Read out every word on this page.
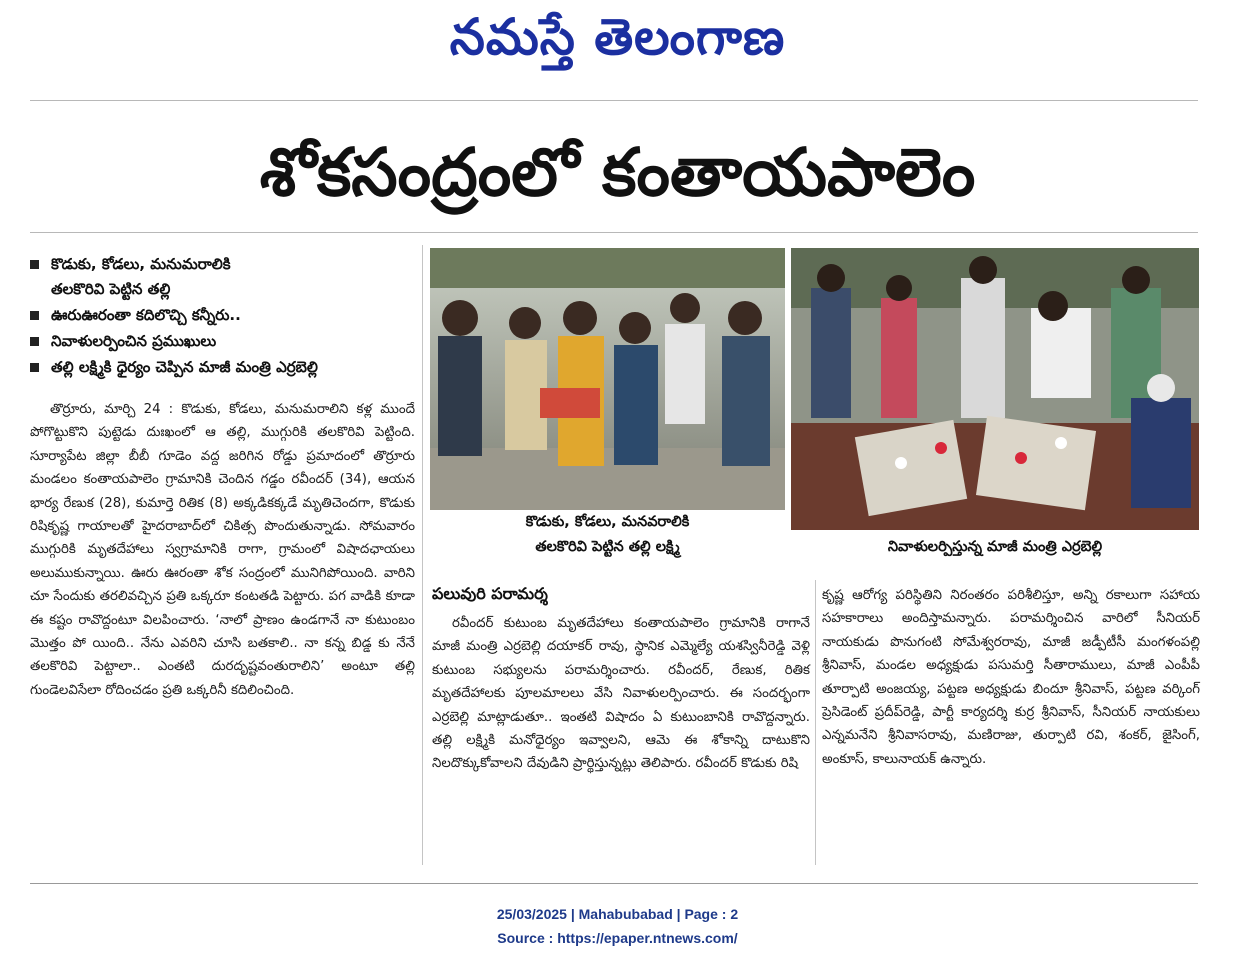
నమస్తే తెలంగాణ
శోకసంద్రంలో కంతాయపాలెం
కొడుకు, కోడలు, మనుమరాలికి
తలకొరివి పెట్టిన తల్లి
ఊరుఊరంతా కదిలొచ్చి కన్నీరు..
నివాళులర్పించిన ప్రముఖులు
తల్లి లక్ష్మికి ధైర్యం చెప్పిన మాజీ మంత్రి ఎర్రబెల్లి

తొర్రూరు, మార్చి 24 : కొడుకు, కోడలు, మనుమరాలిని కళ్ల ముందే పోగొట్టుకొని పుట్టెడు దుఃఖంలో ఆ తల్లి, ముగ్గురికి తలకొరివి పెట్టింది. సూర్యాపేట జిల్లా బీబీ గూడెం వద్ద జరిగిన రోడ్డు ప్రమాదంలో తొర్రూరు మండలం కంతాయపాలెం గ్రామానికి చెందిన గడ్డం రవీందర్ (34), ఆయన భార్య రేణుక (28), కుమార్తె రితిక (8) అక్కడికక్కడే మృతిచెందగా, కొడుకు రిషికృష్ణ గాయాలతో హైదరాబాద్‌లో చికిత్స పొందుతున్నాడు. సోమవారం ముగ్గురికి మృతదేహాలు స్వగ్రామానికి రాగా, గ్రామంలో విషాదఛాయలు అలుముకున్నాయి. ఊరు ఊరంతా శోక సంద్రంలో మునిగిపోయింది. వారిని చూ సేందుకు తరలివచ్చిన ప్రతి ఒక్కరూ కంటతడి పెట్టారు. పగ వాడికి కూడా ఈ కష్టం రావొద్దంటూ విలపించారు. ‘నాలో ప్రాణం ఉండగానే నా కుటుంబం మొత్తం పో యింది.. నేను ఎవరిని చూసి బతకాలి.. నా కన్న బిడ్డ కు నేనే తలకొరివి పెట్టాలా.. ఎంతటి దురదృష్టవంతురాలిని’ అంటూ తల్లి గుండెలవిసేలా రోదించడం ప్రతి ఒక్కరినీ కదిలించింది.

కొడుకు, కోడలు, మనవరాలికి
తలకొరివి పెట్టిన తల్లి లక్ష్మి	నివాళులర్పిస్తున్న మాజీ మంత్రి ఎర్రబెల్లి
పలువురి పరామర్శ

రవీందర్ కుటుంబ మృతదేహాలు కంతాయపాలెం గ్రామానికి రాగానే మాజీ మంత్రి ఎర్రబెల్లి దయాకర్ రావు, స్థానిక ఎమ్మెల్యే యశస్వినీరెడ్డి వెళ్లి కుటుంబ సభ్యులను పరామర్శించారు. రవీందర్, రేణుక, రితిక మృతదేహాలకు పూలమాలలు వేసి నివాళులర్పించారు. ఈ సందర్భంగా ఎర్రబెల్లి మాట్లాడుతూ.. ఇంతటి విషాదం ఏ కుటుంబానికి రావొద్దన్నారు. తల్లి లక్ష్మికి మనోధైర్యం ఇవ్వాలని, ఆమె ఈ శోకాన్ని దాటుకొని నిలదొక్కుకోవాలని దేవుడిని ప్రార్థిస్తున్నట్లు తెలిపారు. రవీందర్ కొడుకు రిషి

కృష్ణ ఆరోగ్య పరిస్థితిని నిరంతరం పరిశీలిస్తూ, అన్ని రకాలుగా సహాయ సహకారాలు అందిస్తామన్నారు. పరామర్శించిన వారిలో సీనియర్ నాయకుడు పొనుగంటి సోమేశ్వరరావు, మాజీ జడ్పీటీసీ మంగళంపల్లి శ్రీనివాస్, మండల అధ్యక్షుడు పసుమర్తి సీతారాములు, మాజీ ఎంపీపీ తూర్పాటి అంజయ్య, పట్టణ అధ్యక్షుడు బిందూ శ్రీనివాస్, పట్టణ వర్కింగ్ ప్రెసిడెంట్ ప్రదీప్‌రెడ్డి, పార్టీ కార్యదర్శి కుర్ర శ్రీనివాస్, సీనియర్ నాయకులు ఎన్నమనేని శ్రీనివాసరావు, మణిరాజు, తుర్పాటి రవి, శంకర్, జైసింగ్, అంకూస్, కాలునాయక్ ఉన్నారు.

25/03/2025 | Mahabubabad | Page : 2
Source : https://epaper.ntnews.com/
